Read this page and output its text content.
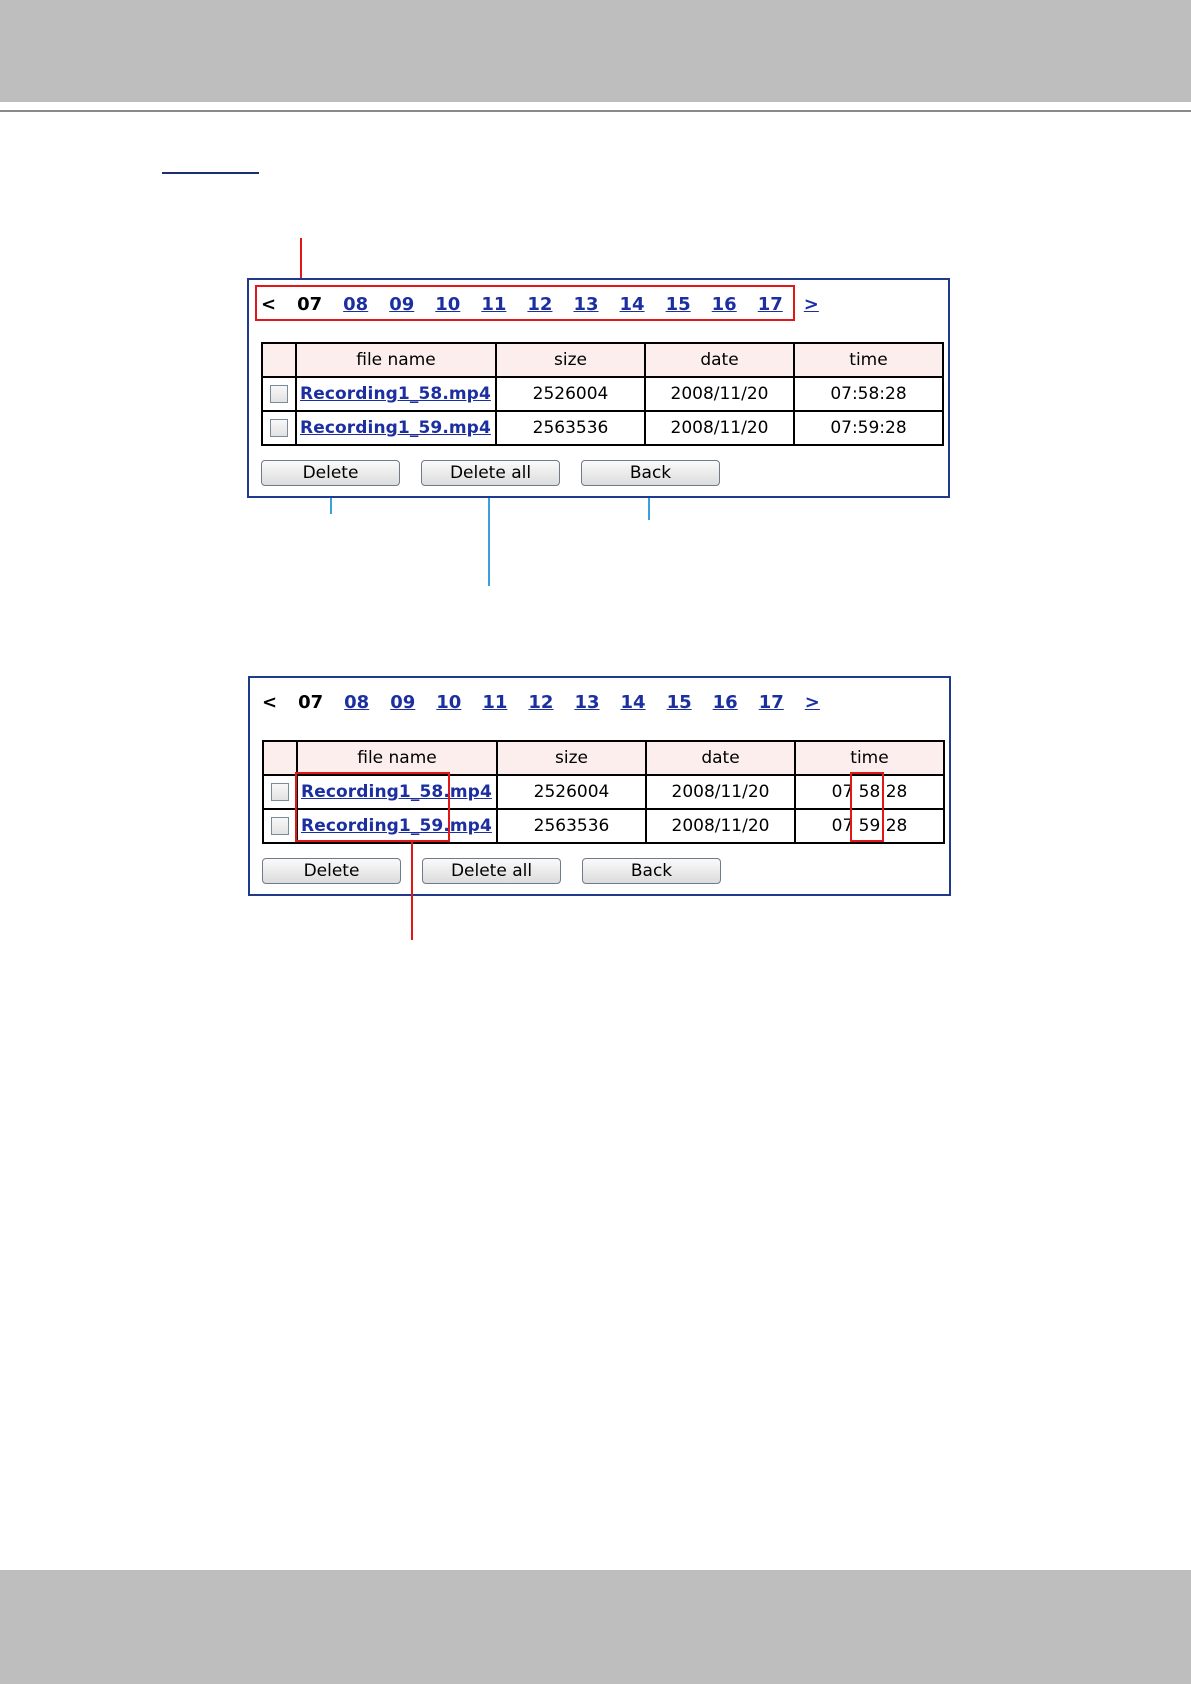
< 07 08 09 10 11 12 13 14 15 16 17 >
	file name	size	date	time
	Recording1_58.mp4	2526004	2008/11/20	07:58:28
	Recording1_59.mp4	2563536	2008/11/20	07:59:28
Delete	Delete all	Back
< 07 08 09 10 11 12 13 14 15 16 17 >
	file name	size	date	time
	Recording1_58.mp4	2526004	2008/11/20	07 58 28
	Recording1_59.mp4	2563536	2008/11/20	07 59 28
Delete	Delete all	Back
